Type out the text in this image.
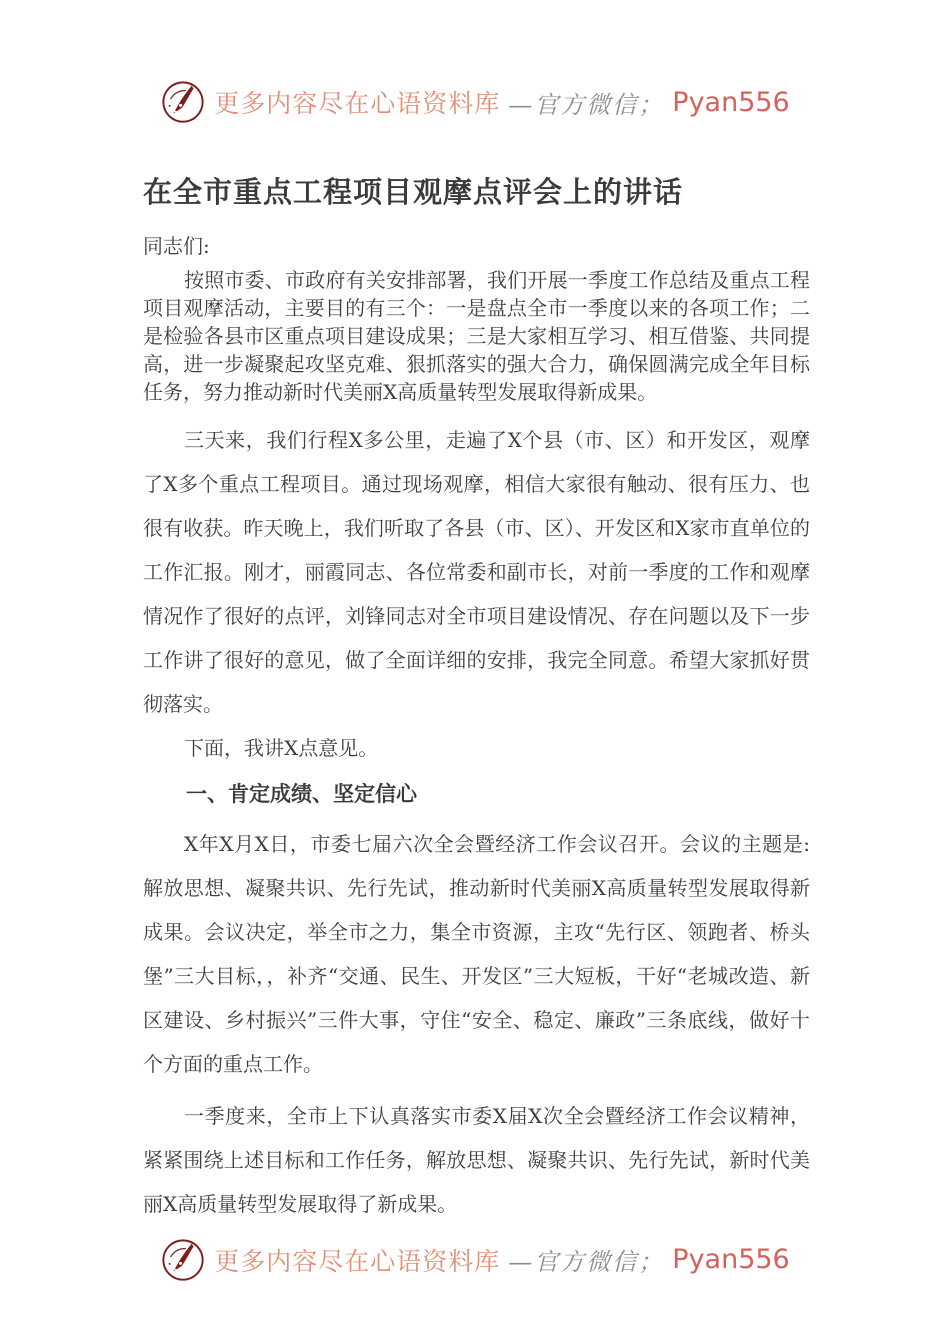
更多内容尽在心语资料库 —官方微信； Pyan556
在全市重点工程项目观摩点评会上的讲话
同志们:
按照市委、市政府有关安排部署，我们开展一季度工作总结及重点工程项目观摩活动，主要目的有三个：一是盘点全市一季度以来的各项工作；二是检验各县市区重点项目建设成果；三是大家相互学习、相互借鉴、共同提高，进一步凝聚起攻坚克难、狠抓落实的强大合力，确保圆满完成全年目标任务，努力推动新时代美丽X高质量转型发展取得新成果。
三天来，我们行程X多公里，走遍了X个县（市、区）和开发区，观摩了X多个重点工程项目。通过现场观摩，相信大家很有触动、很有压力、也很有收获。昨天晚上，我们听取了各县（市、区）、开发区和X家市直单位的工作汇报。刚才，丽霞同志、各位常委和副市长，对前一季度的工作和观摩情况作了很好的点评，刘锋同志对全市项目建设情况、存在问题以及下一步工作讲了很好的意见，做了全面详细的安排，我完全同意。希望大家抓好贯彻落实。
下面，我讲X点意见。
一、肯定成绩、坚定信心
X年X月X日，市委七届六次全会暨经济工作会议召开。会议的主题是:解放思想、凝聚共识、先行先试，推动新时代美丽X高质量转型发展取得新成果。会议决定，举全市之力，集全市资源，主攻“先行区、领跑者、桥头堡”三大目标，，补齐“交通、民生、开发区”三大短板，干好“老城改造、新区建设、乡村振兴”三件大事，守住“安全、稳定、廉政”三条底线，做好十个方面的重点工作。
一季度来，全市上下认真落实市委X届X次全会暨经济工作会议精神，紧紧围绕上述目标和工作任务，解放思想、凝聚共识、先行先试，新时代美丽X高质量转型发展取得了新成果。
更多内容尽在心语资料库 —官方微信； Pyan556
